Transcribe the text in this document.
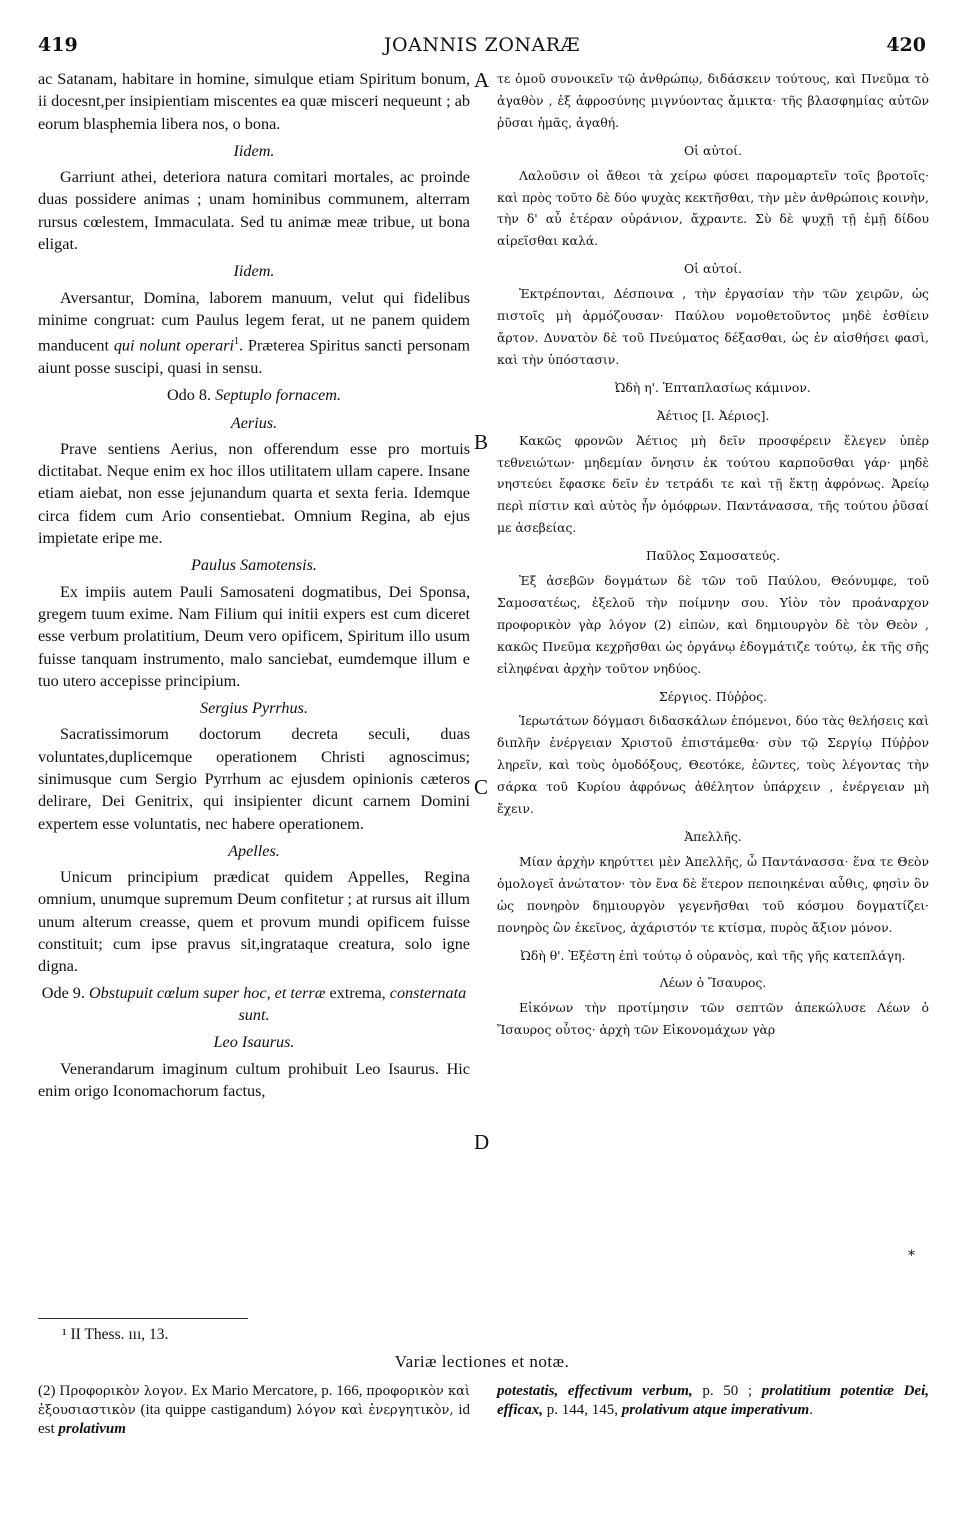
419	JOANNIS ZONARÆ	420

ac Satanam, habitare in homine, simulque etiam Spiritum bonum, ii docesnt,per insipientiam miscentes ea quæ misceri nequeunt ; ab eorum blasphemia libera nos, o bona.

Iidem.

Garriunt athei, deteriora natura comitari mortales, ac proinde duas possidere animas ; unam hominibus communem, alterram rursus cœlestem, Immaculata. Sed tu animæ meæ tribue, ut bona eligat.

Iidem.

Aversantur, Domina, laborem manuum, velut qui fidelibus minime congruat: cum Paulus legem ferat, ut ne panem quidem manducent qui nolunt operari$^1$. Præterea Spiritus sancti personam aiunt posse suscipi, quasi in sensu.

Odo 8. Septuplo fornacem.
Aerius.

Prave sentiens Aerius, non offerendum esse pro mortuis dictitabat. Neque enim ex hoc illos utilitatem ullam capere. Insane etiam aiebat, non esse jejunandum quarta et sexta feria. Idemque circa fidem cum Ario consentiebat. Omnium Regina, ab ejus impietate eripe me.

Paulus Samotensis.

Ex impiis autem Pauli Samosateni dogmatibus, Dei Sponsa, gregem tuum exime. Nam Filium qui initii expers est cum diceret esse verbum prolatitium, Deum vero opificem, Spiritum illo usum fuisse tanquam instrumento, malo sanciebat, eumdemque illum e tuo utero accepisse principium.

Sergius Pyrrhus.

Sacratissimorum doctorum decreta seculi, duas voluntates,duplicemque operationem Christi agnoscimus; sinimusque cum Sergio Pyrrhum ac ejusdem opinionis cæteros delirare, Dei Genitrix, qui insipienter dicunt carnem Domini expertem esse voluntatis, nec habere operationem.

Apelles.

Unicum principium prædicat quidem Appelles, Regina omnium, unumque supremum Deum confitetur ; at rursus ait illum unum alterum creasse, quem et provum mundi opificem fuisse constituit; cum ipse pravus sit,ingrataque creatura, solo igne digna.

Ode 9. Obstupuit cœlum super hoc, et terræ extrema, consternata sunt.

Leo Isaurus.

Venerandarum imaginum cultum prohibuit Leo Isaurus. Hic enim origo Iconomachorum factus,

A
B
C
D

τε ὁμοῦ συνοικεῖν τῷ ἀνθρώπῳ, διδάσκειν τούτους, καὶ Πνεῦμα τὸ ἀγαθὸν , ἐξ ἀφροσύνης μιγνύοντας ἄμικτα· τῆς βλασφημίας αὐτῶν ῥῦσαι ἡμᾶς, ἀγαθή.

Οἱ αὐτοί.

Λαλοῦσιν οἱ ἄθεοι τὰ χείρω φύσει παρομαρτεῖν τοῖς βροτοῖς· καὶ πρὸς τοῦτο δὲ δύο ψυχὰς κεκτῆσθαι, τὴν μὲν ἀνθρώποις κοινὴν, τὴν δ' αὖ ἑτέραν οὐράνιον, ἄχραντε. Σὺ δὲ ψυχῇ τῇ ἐμῇ δίδου αἱρεῖσθαι καλά.

Οἱ αὐτοί.

Ἐκτρέπονται, Δέσποινα , τὴν ἐργασίαν τὴν τῶν χειρῶν, ὡς πιστοῖς μὴ ἁρμόζουσαν· Παύλου νομοθετοῦντος μηδὲ ἐσθίειν ἄρτον. Δυνατὸν δὲ τοῦ Πνεύματος δέξασθαι, ὡς ἐν αἰσθήσει φασὶ, καὶ τὴν ὑπόστασιν.

Ὠδὴ η'. Ἑπταπλασίως κάμινον.
Ἀέτιος [l. Ἀέριος].

Κακῶς φρονῶν Ἀέτιος μὴ δεῖν προσφέρειν ἔλεγεν ὑπὲρ τεθνειώτων· μηδεμίαν ὄνησιν ἐκ τούτου καρποῦσθαι γάρ· μηδὲ νηστεύει ἔφασκε δεῖν ἐν τετράδι τε καὶ τῇ ἕκτῃ ἀφρόνως. Ἀρείῳ περὶ πίστιν καὶ αὐτὸς ἦν ὁμόφρων. Παντάνασσα, τῆς τούτου ῥῦσαί με ἀσεβείας.

Παῦλος Σαμοσατεύς.

Ἐξ ἀσεβῶν δογμάτων δὲ τῶν τοῦ Παύλου, Θεόνυμφε, τοῦ Σαμοσατέως, ἐξελοῦ τὴν ποίμνην σου. Υἱὸν τὸν προάναρχον προφορικὸν γὰρ λόγον (2) εἰπὼν, καὶ δημιουργὸν δὲ τὸν Θεὸν , κακῶς Πνεῦμα κεχρῆσθαι ὡς ὀργάνῳ ἐδογμάτιζε τούτῳ, ἐκ τῆς σῆς εἰληφέναι ἀρχὴν τοῦτον νηδύος.

Σέργιος. Πύῤῥος.

Ἱερωτάτων δόγμασι διδασκάλων ἑπόμενοι, δύο τὰς θελήσεις καὶ διπλῆν ἐνέργειαν Χριστοῦ ἐπιστάμεθα· σὺν τῷ Σεργίῳ Πύῤῥον ληρεῖν, καὶ τοὺς ὁμοδόξους, Θεοτόκε, ἐῶντες, τοὺς λέγοντας τὴν σάρκα τοῦ Κυρίου ἀφρόνως ἀθέλητον ὑπάρχειν , ἐνέργειαν μὴ ἔχειν.

Ἀπελλῆς.

Μίαν ἀρχὴν κηρύττει μὲν Ἀπελλῆς, ὦ Παντάνασσα· ἕνα τε Θεὸν ὁμολογεῖ ἀνώτατον· τὸν ἕνα δὲ ἕτερον πεποιηκέναι αὖθις, φησὶν ὃν ὡς πονηρὸν δημιουργὸν γεγενῆσθαι τοῦ κόσμου δογματίζει· πονηρὸς ὢν ἐκεῖνος, ἀχάριστόν τε κτίσμα, πυρὸς ἄξιον μόνον.

Ὠδὴ θ'. Ἐξέστη ἐπὶ τούτῳ ὁ οὐρανὸς, καὶ τῆς γῆς κατεπλάγη.
Λέων ὁ Ἴσαυρος.

Εἰκόνων τὴν προτίμησιν τῶν σεπτῶν ἀπεκώλυσε Λέων ὁ Ἴσαυρος οὗτος· ἀρχὴ τῶν Εἰκονομάχων γὰρ

*
¹ II Thess. ııı, 13.
Variæ lectiones et notæ.
(2) Προφορικὸν λογον. Ex Mario Mercatore, p. 166, προφορικὸν καὶ ἐξουσιαστικὸν (ita quippe castigandum) λόγον καὶ ἐνεργητικὸν, id est prolativum
potestatis, effectivum verbum, p. 50 ; prolatitium potentiæ Dei, efficax, p. 144, 145, prolativum atque imperativum.
